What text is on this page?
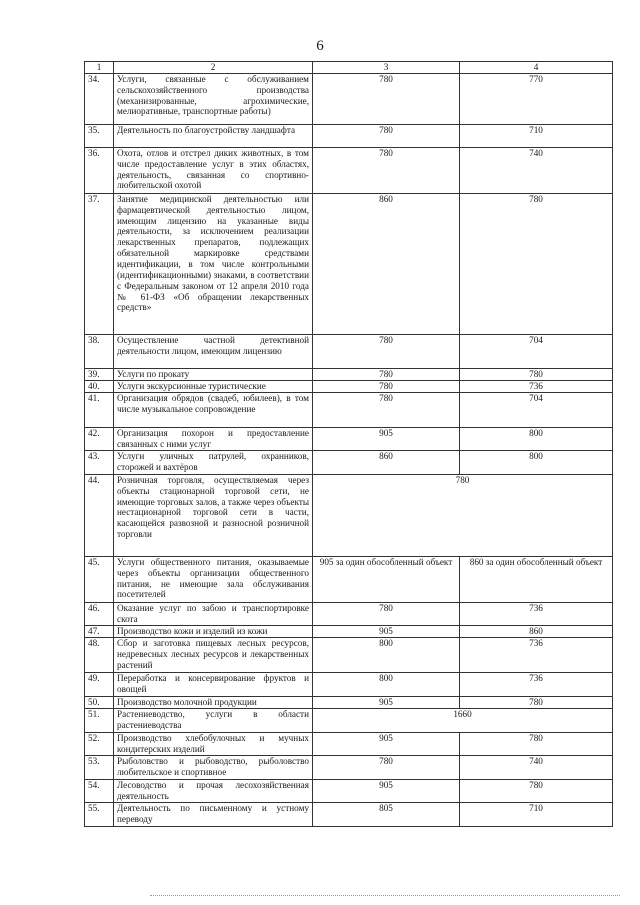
6
1	2	3	4
34.	Услуги, связанные с обслуживанием сельскохозяйственного производства (механизированные, агрохимические, мелиоративные, транспортные работы)	780	770
35.	Деятельность по благоустройству ландшафта	780	710
36.	Охота, отлов и отстрел диких животных, в том числе предоставление услуг в этих областях, деятельность, связанная со спортивно-любительской охотой	780	740
37.	Занятие медицинской деятельностью или фармацевтической деятельностью лицом, имеющим лицензию на указанные виды деятельности, за исключением реализации лекарственных препаратов, подлежащих обязательной маркировке средствами идентификации, в том числе контрольными (идентификационными) знаками, в соответствии с Федеральным законом от 12 апреля 2010 года № 61-ФЗ «Об обращении лекарственных средств»	860	780
38.	Осуществление частной детективной деятельности лицом, имеющим лицензию	780	704
39.	Услуги по прокату	780	780
40.	Услуги экскурсионные туристические	780	736
41.	Организация обрядов (свадеб, юбилеев), в том числе музыкальное сопровождение	780	704
42.	Организация похорон и предоставление связанных с ними услуг	905	800
43.	Услуги уличных патрулей, охранников, сторожей и вахтёров	860	800
44.	Розничная торговля, осуществляемая через объекты стационарной торговой сети, не имеющие торговых залов, а также через объекты нестационарной торговой сети в части, касающейся развозной и разносной розничной торговли	780	
45.	Услуги общественного питания, оказываемые через объекты организации общественного питания, не имеющие зала обслуживания посетителей	905 за один обособленный объект	860 за один обособленный объект
46.	Оказание услуг по забою и транспортировке скота	780	736
47.	Производство кожи и изделий из кожи	905	860
48.	Сбор и заготовка пищевых лесных ресурсов, недревесных лесных ресурсов и лекарственных растений	800	736
49.	Переработка и консервирование фруктов и овощей	800	736
50.	Производство молочной продукции	905	780
51.	Растениеводство, услуги в области растениеводства	1660	
52.	Производство хлебобулочных и мучных кондитерских изделий	905	780
53.	Рыболовство и рыбоводство, рыболовство любительское и спортивное	780	740
54.	Лесоводство и прочая лесохозяйственная деятельность	905	780
55.	Деятельность по письменному и устному переводу	805	710
